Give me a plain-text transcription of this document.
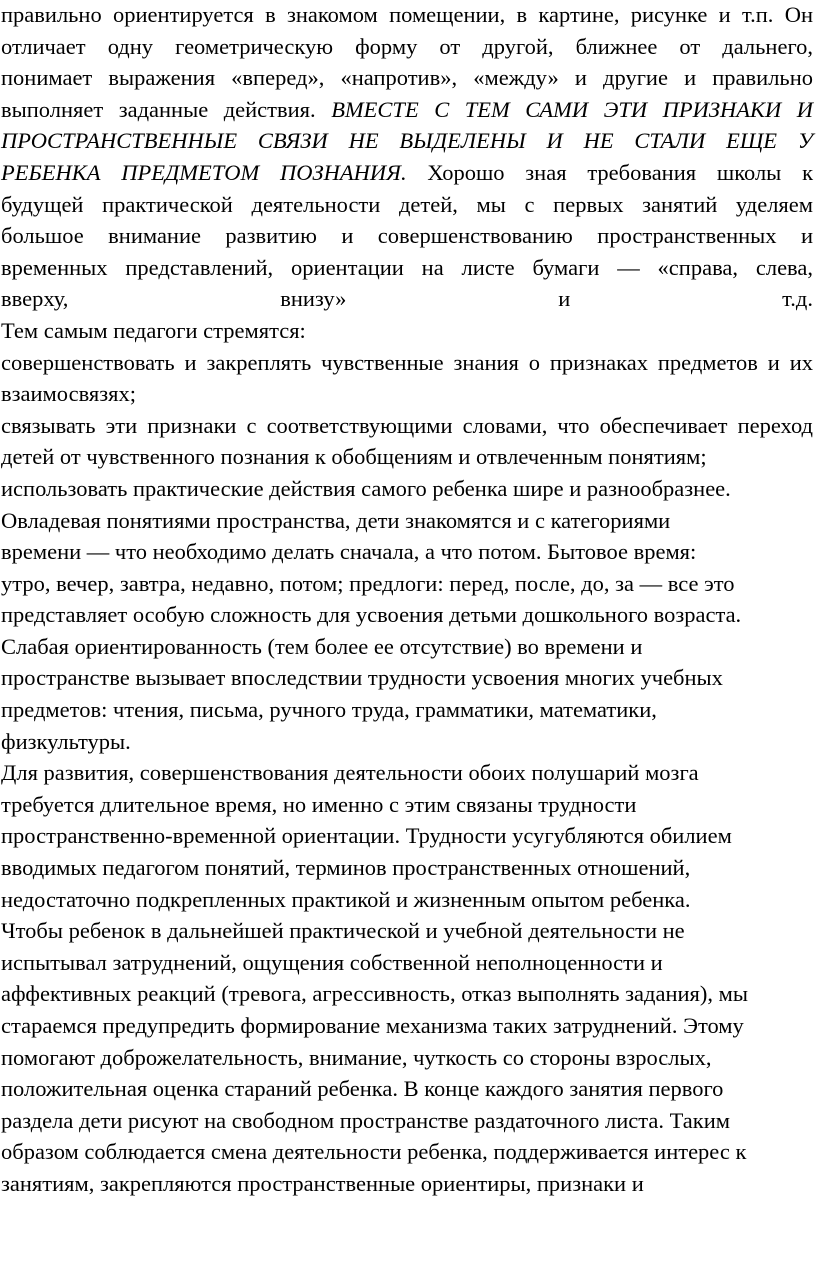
правильно ориентируется в знакомом помещении, в картине, рисунке и т.п. Он

отличает одну геометрическую форму от другой, ближнее от дальнего,

понимает выражения «вперед», «напротив», «между» и другие и правильно

выполняет заданные действия. ВМЕСТЕ С ТЕМ САМИ ЭТИ ПРИЗНАКИ И

ПРОСТРАНСТВЕННЫЕ СВЯЗИ НЕ ВЫДЕЛЕНЫ И НЕ СТАЛИ ЕЩЕ У

РЕБЕНКА ПРЕДМЕТОМ ПОЗНАНИЯ. Хорошо зная требования школы к

будущей практической деятельности детей, мы с первых занятий уделяем

большое внимание развитию и совершенствованию пространственных и

временных представлений, ориентации на листе бумаги — «справа, слева,

вверху, внизу» и т.д.

Тем самым педагоги стремятся:

совершенствовать и закреплять чувственные знания о признаках предметов и их взаимосвязях;

связывать эти признаки с соответствующими словами, что обеспечивает переход детей от чувственного познания к обобщениям и отвлеченным понятиям;

использовать практические действия самого ребенка шире и разнообразнее.

Овладевая понятиями пространства, дети знакомятся и с категориями

времени — что необходимо делать сначала, а что потом. Бытовое время:

утро, вечер, завтра, недавно, потом; предлоги: перед, после, до, за — все это

представляет особую сложность для усвоения детьми дошкольного возраста.

Слабая ориентированность (тем более ее отсутствие) во времени и

пространстве вызывает впоследствии трудности усвоения многих учебных

предметов: чтения, письма, ручного труда, грамматики, математики,

физкультуры.

Для развития, совершенствования деятельности обоих полушарий мозга

требуется длительное время, но именно с этим связаны трудности

пространственно-временной ориентации. Трудности усугубляются обилием

вводимых педагогом понятий, терминов пространственных отношений,

недостаточно подкрепленных практикой и жизненным опытом ребенка.

Чтобы ребенок в дальнейшей практической и учебной деятельности не

испытывал затруднений, ощущения собственной неполноценности и

аффективных реакций (тревога, агрессивность, отказ выполнять задания), мы

стараемся предупредить формирование механизма таких затруднений. Этому

помогают доброжелательность, внимание, чуткость со стороны взрослых,

положительная оценка стараний ребенка. В конце каждого занятия первого

раздела дети рисуют на свободном пространстве раздаточного листа. Таким

образом соблюдается смена деятельности ребенка, поддерживается интерес к

занятиям, закрепляются пространственные ориентиры, признаки и
